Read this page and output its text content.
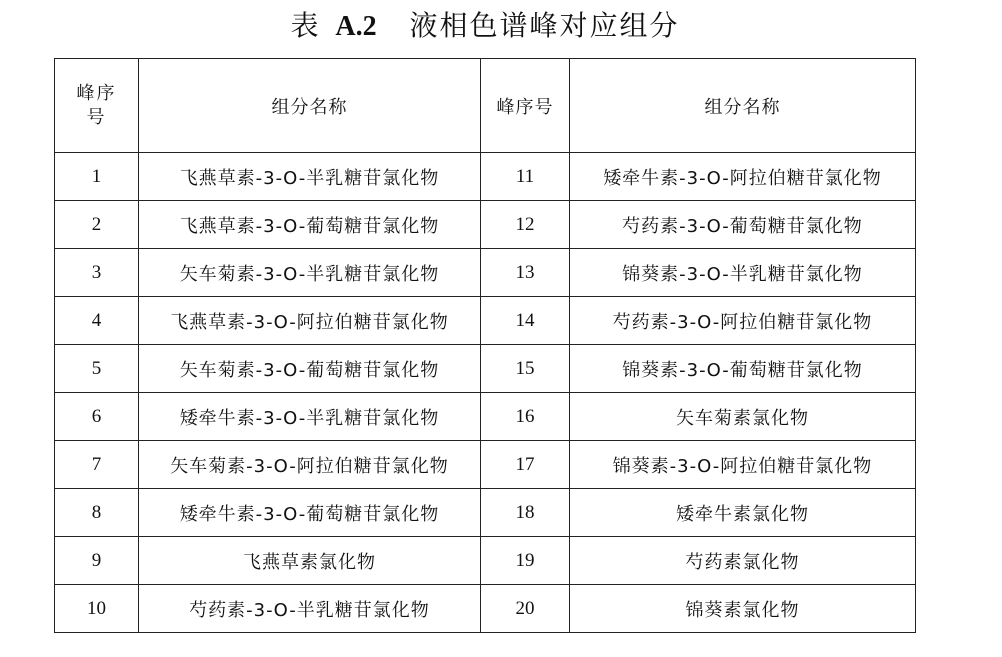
表 A.2 液相色谱峰对应组分
峰序号	组分名称	峰序号	组分名称
1	飞燕草素-3-O-半乳糖苷氯化物	11	矮牵牛素-3-O-阿拉伯糖苷氯化物
2	飞燕草素-3-O-葡萄糖苷氯化物	12	芍药素-3-O-葡萄糖苷氯化物
3	矢车菊素-3-O-半乳糖苷氯化物	13	锦葵素-3-O-半乳糖苷氯化物
4	飞燕草素-3-O-阿拉伯糖苷氯化物	14	芍药素-3-O-阿拉伯糖苷氯化物
5	矢车菊素-3-O-葡萄糖苷氯化物	15	锦葵素-3-O-葡萄糖苷氯化物
6	矮牵牛素-3-O-半乳糖苷氯化物	16	矢车菊素氯化物
7	矢车菊素-3-O-阿拉伯糖苷氯化物	17	锦葵素-3-O-阿拉伯糖苷氯化物
8	矮牵牛素-3-O-葡萄糖苷氯化物	18	矮牵牛素氯化物
9	飞燕草素氯化物	19	芍药素氯化物
10	芍药素-3-O-半乳糖苷氯化物	20	锦葵素氯化物
